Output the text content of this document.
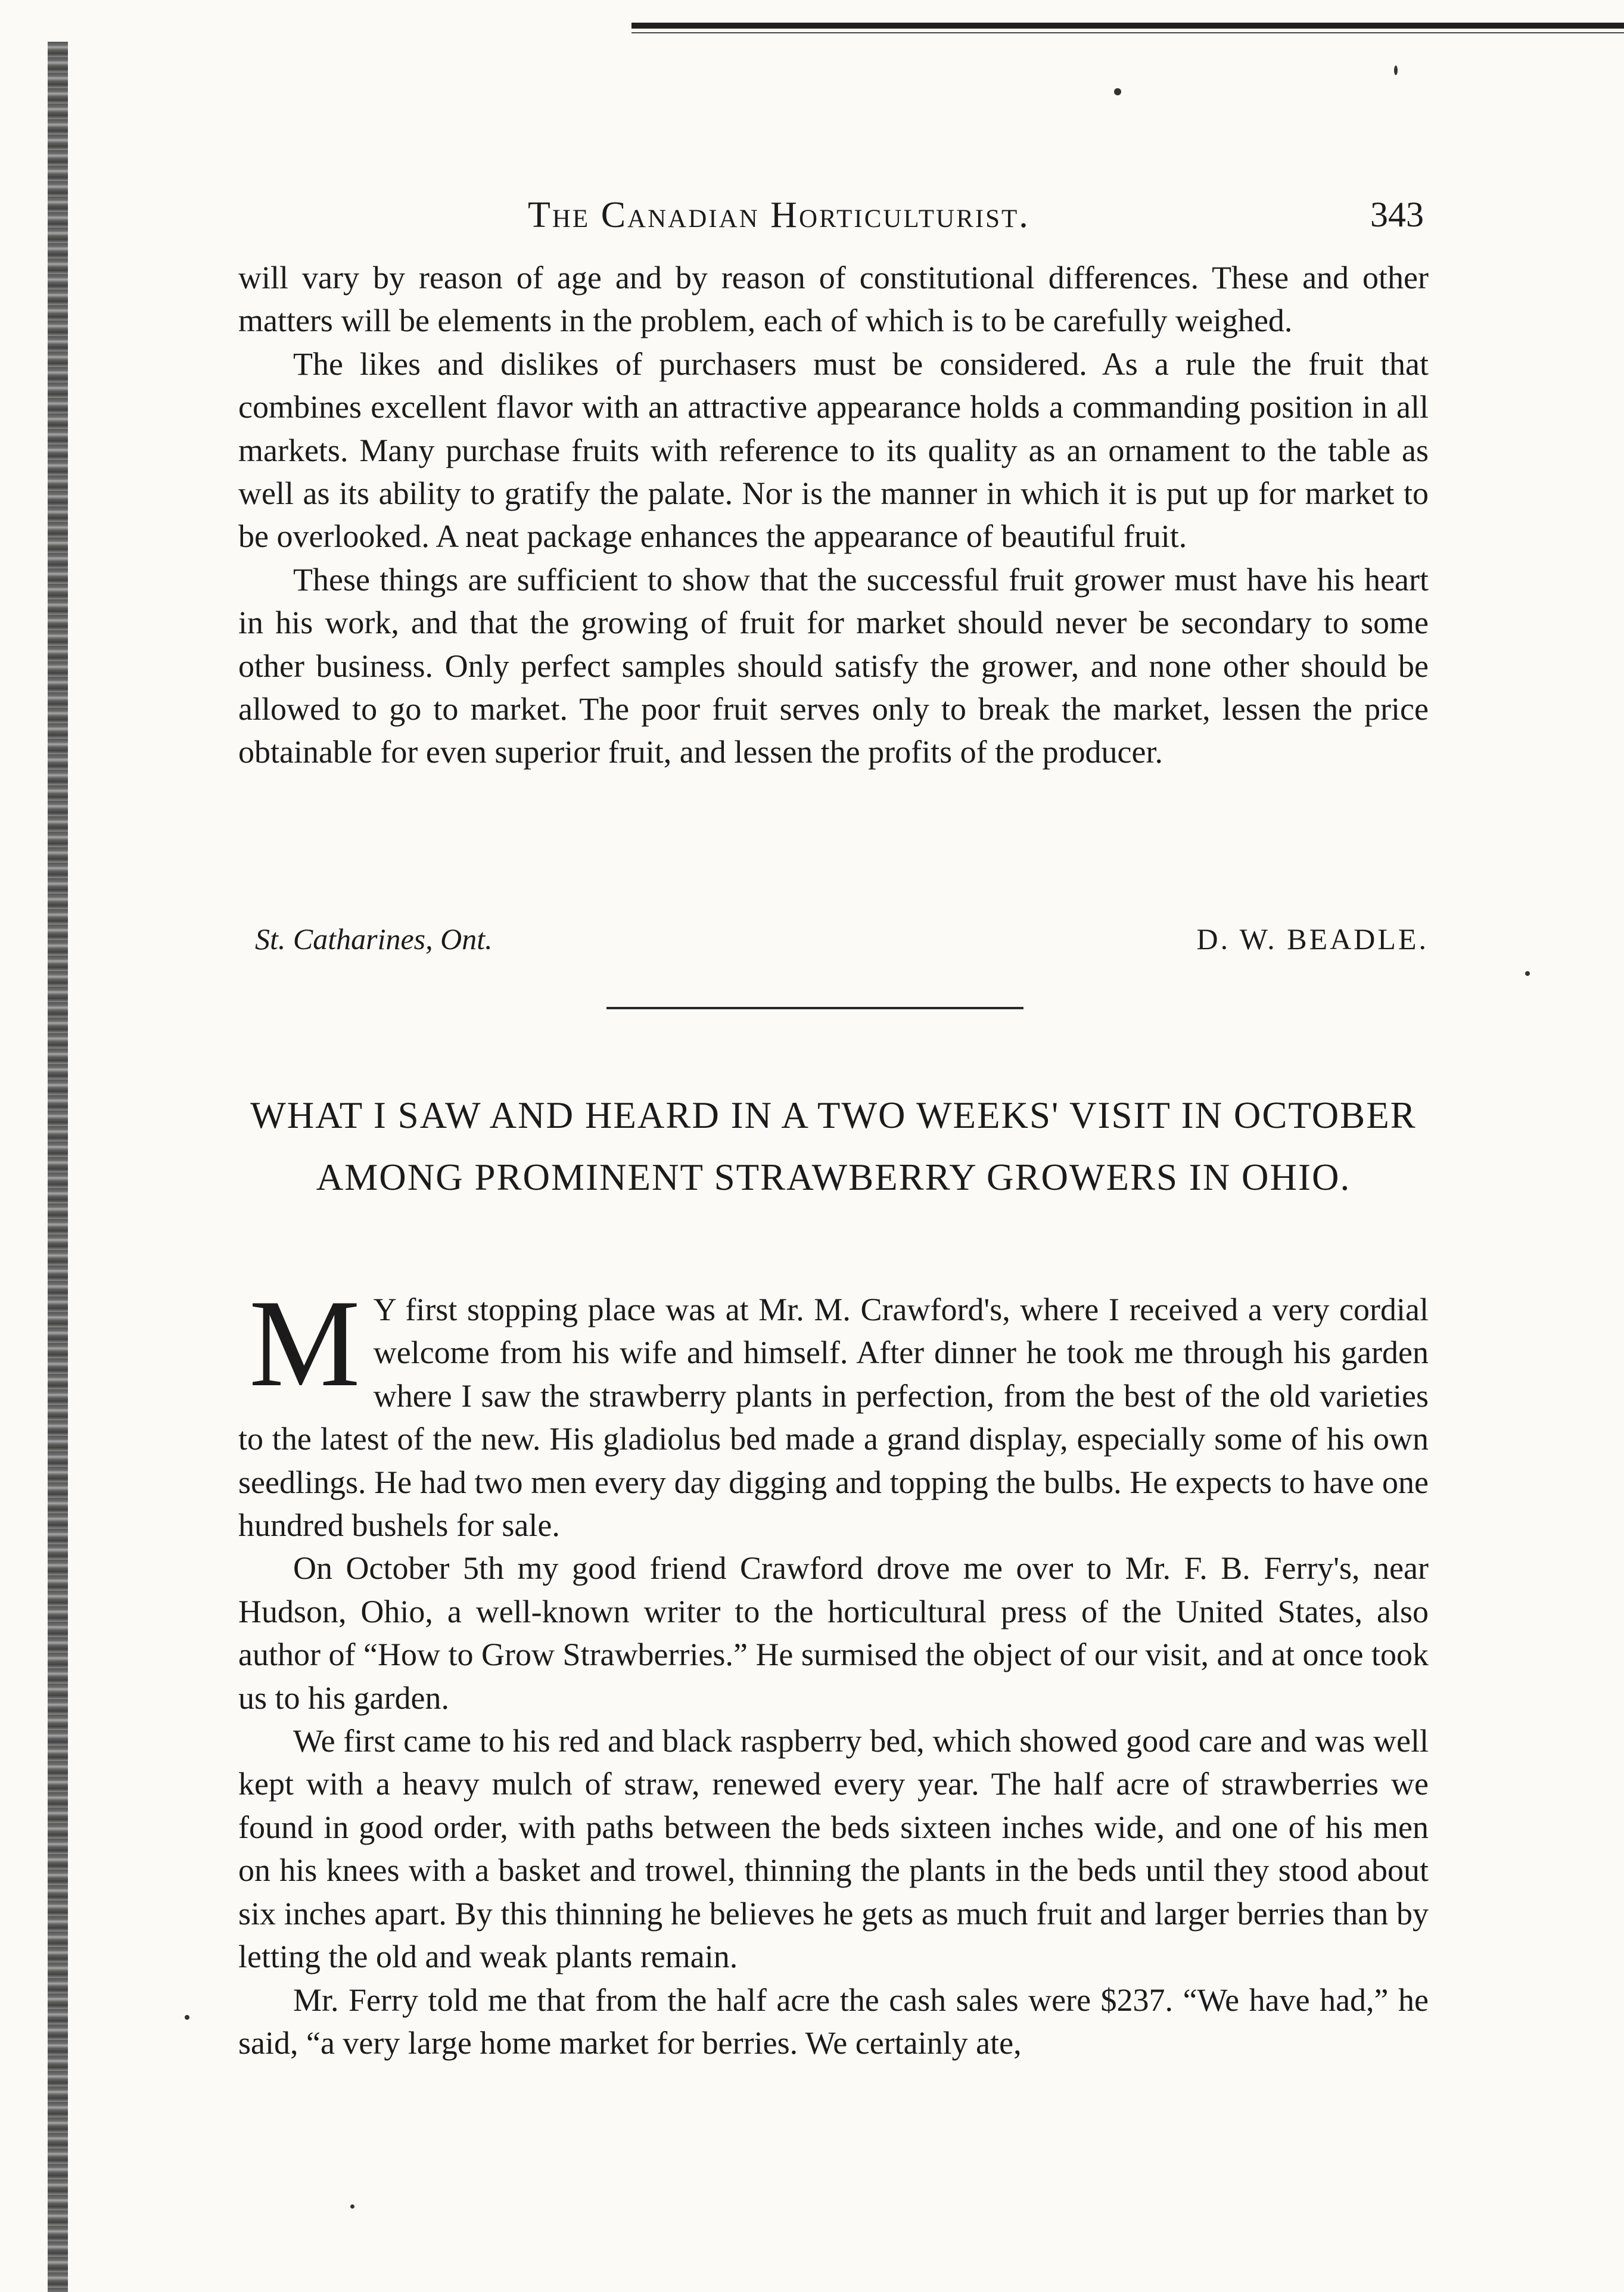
The Canadian Horticulturist.	343

will vary by reason of age and by reason of constitutional differences. These and other matters will be elements in the problem, each of which is to be carefully weighed.

The likes and dislikes of purchasers must be considered. As a rule the fruit that combines excellent flavor with an attractive appearance holds a commanding position in all markets. Many purchase fruits with reference to its quality as an ornament to the table as well as its ability to gratify the palate. Nor is the manner in which it is put up for market to be overlooked. A neat package enhances the appearance of beautiful fruit.

These things are sufficient to show that the successful fruit grower must have his heart in his work, and that the growing of fruit for market should never be secondary to some other business. Only perfect samples should satisfy the grower, and none other should be allowed to go to market. The poor fruit serves only to break the market, lessen the price obtainable for even superior fruit, and lessen the profits of the producer.

St. Catharines, Ont.	D. W. BEADLE.
WHAT I SAW AND HEARD IN A TWO WEEKS' VISIT IN OCTOBER AMONG PROMINENT STRAWBERRY GROWERS IN OHIO.

M Y first stopping place was at Mr. M. Crawford's, where I received a very cordial welcome from his wife and himself. After dinner he took me through his garden where I saw the strawberry plants in perfection, from the best of the old varieties to the latest of the new. His gladiolus bed made a grand display, especially some of his own seedlings. He had two men every day digging and topping the bulbs. He expects to have one hundred bushels for sale.

On October 5th my good friend Crawford drove me over to Mr. F. B. Ferry's, near Hudson, Ohio, a well-known writer to the horticultural press of the United States, also author of “How to Grow Strawberries.” He surmised the object of our visit, and at once took us to his garden.

We first came to his red and black raspberry bed, which showed good care and was well kept with a heavy mulch of straw, renewed every year. The half acre of strawberries we found in good order, with paths between the beds sixteen inches wide, and one of his men on his knees with a basket and trowel, thinning the plants in the beds until they stood about six inches apart. By this thinning he believes he gets as much fruit and larger berries than by letting the old and weak plants remain.

Mr. Ferry told me that from the half acre the cash sales were $237. “We have had,” he said, “a very large home market for berries. We certainly ate,
